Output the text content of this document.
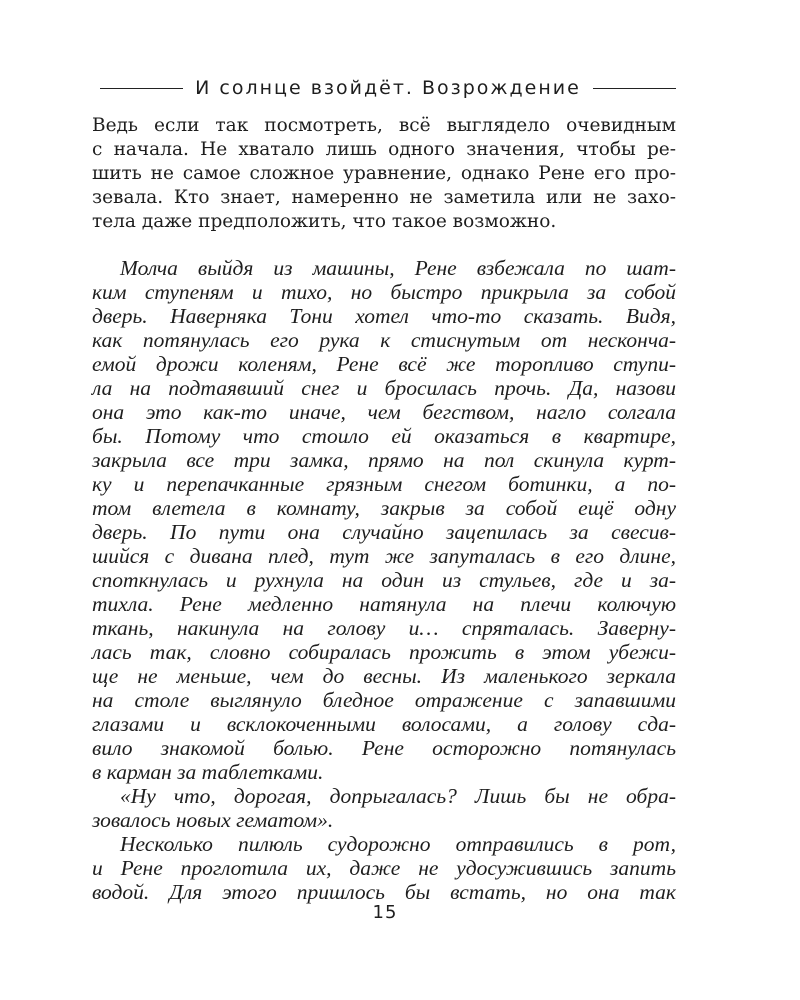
И солнце взойдёт. Возрождение
Ведь если так посмотреть, всё выглядело очевидным
с начала. Не хватало лишь одного значения, чтобы ре-
шить не самое сложное уравнение, однако Рене его про-
зевала. Кто знает, намеренно не заметила или не захо-
тела даже предположить, что такое возможно.
Молча выйдя из машины, Рене взбежала по шат-
ким ступеням и тихо, но быстро прикрыла за собой
дверь. Наверняка Тони хотел что-то сказать. Видя,
как потянулась его рука к стиснутым от несконча-
емой дрожи коленям, Рене всё же торопливо ступи-
ла на подтаявший снег и бросилась прочь. Да, назови
она это как-то иначе, чем бегством, нагло солгала
бы. Потому что стоило ей оказаться в квартире,
закрыла все три замка, прямо на пол скинула курт-
ку и перепачканные грязным снегом ботинки, а по-
том влетела в комнату, закрыв за собой ещё одну
дверь. По пути она случайно зацепилась за свесив-
шийся с дивана плед, тут же запуталась в его длине,
споткнулась и рухнула на один из стульев, где и за-
тихла. Рене медленно натянула на плечи колючую
ткань, накинула на голову и… спряталась. Заверну-
лась так, словно собиралась прожить в этом убежи-
ще не меньше, чем до весны. Из маленького зеркала
на столе выглянуло бледное отражение с запавшими
глазами и всклокоченными волосами, а голову сда-
вило знакомой болью. Рене осторожно потянулась
в карман за таблетками.
«Ну что, дорогая, допрыгалась? Лишь бы не обра-
зовалось новых гематом».
Несколько пилюль судорожно отправились в рот,
и Рене проглотила их, даже не удосужившись запить
водой. Для этого пришлось бы встать, но она так
15
